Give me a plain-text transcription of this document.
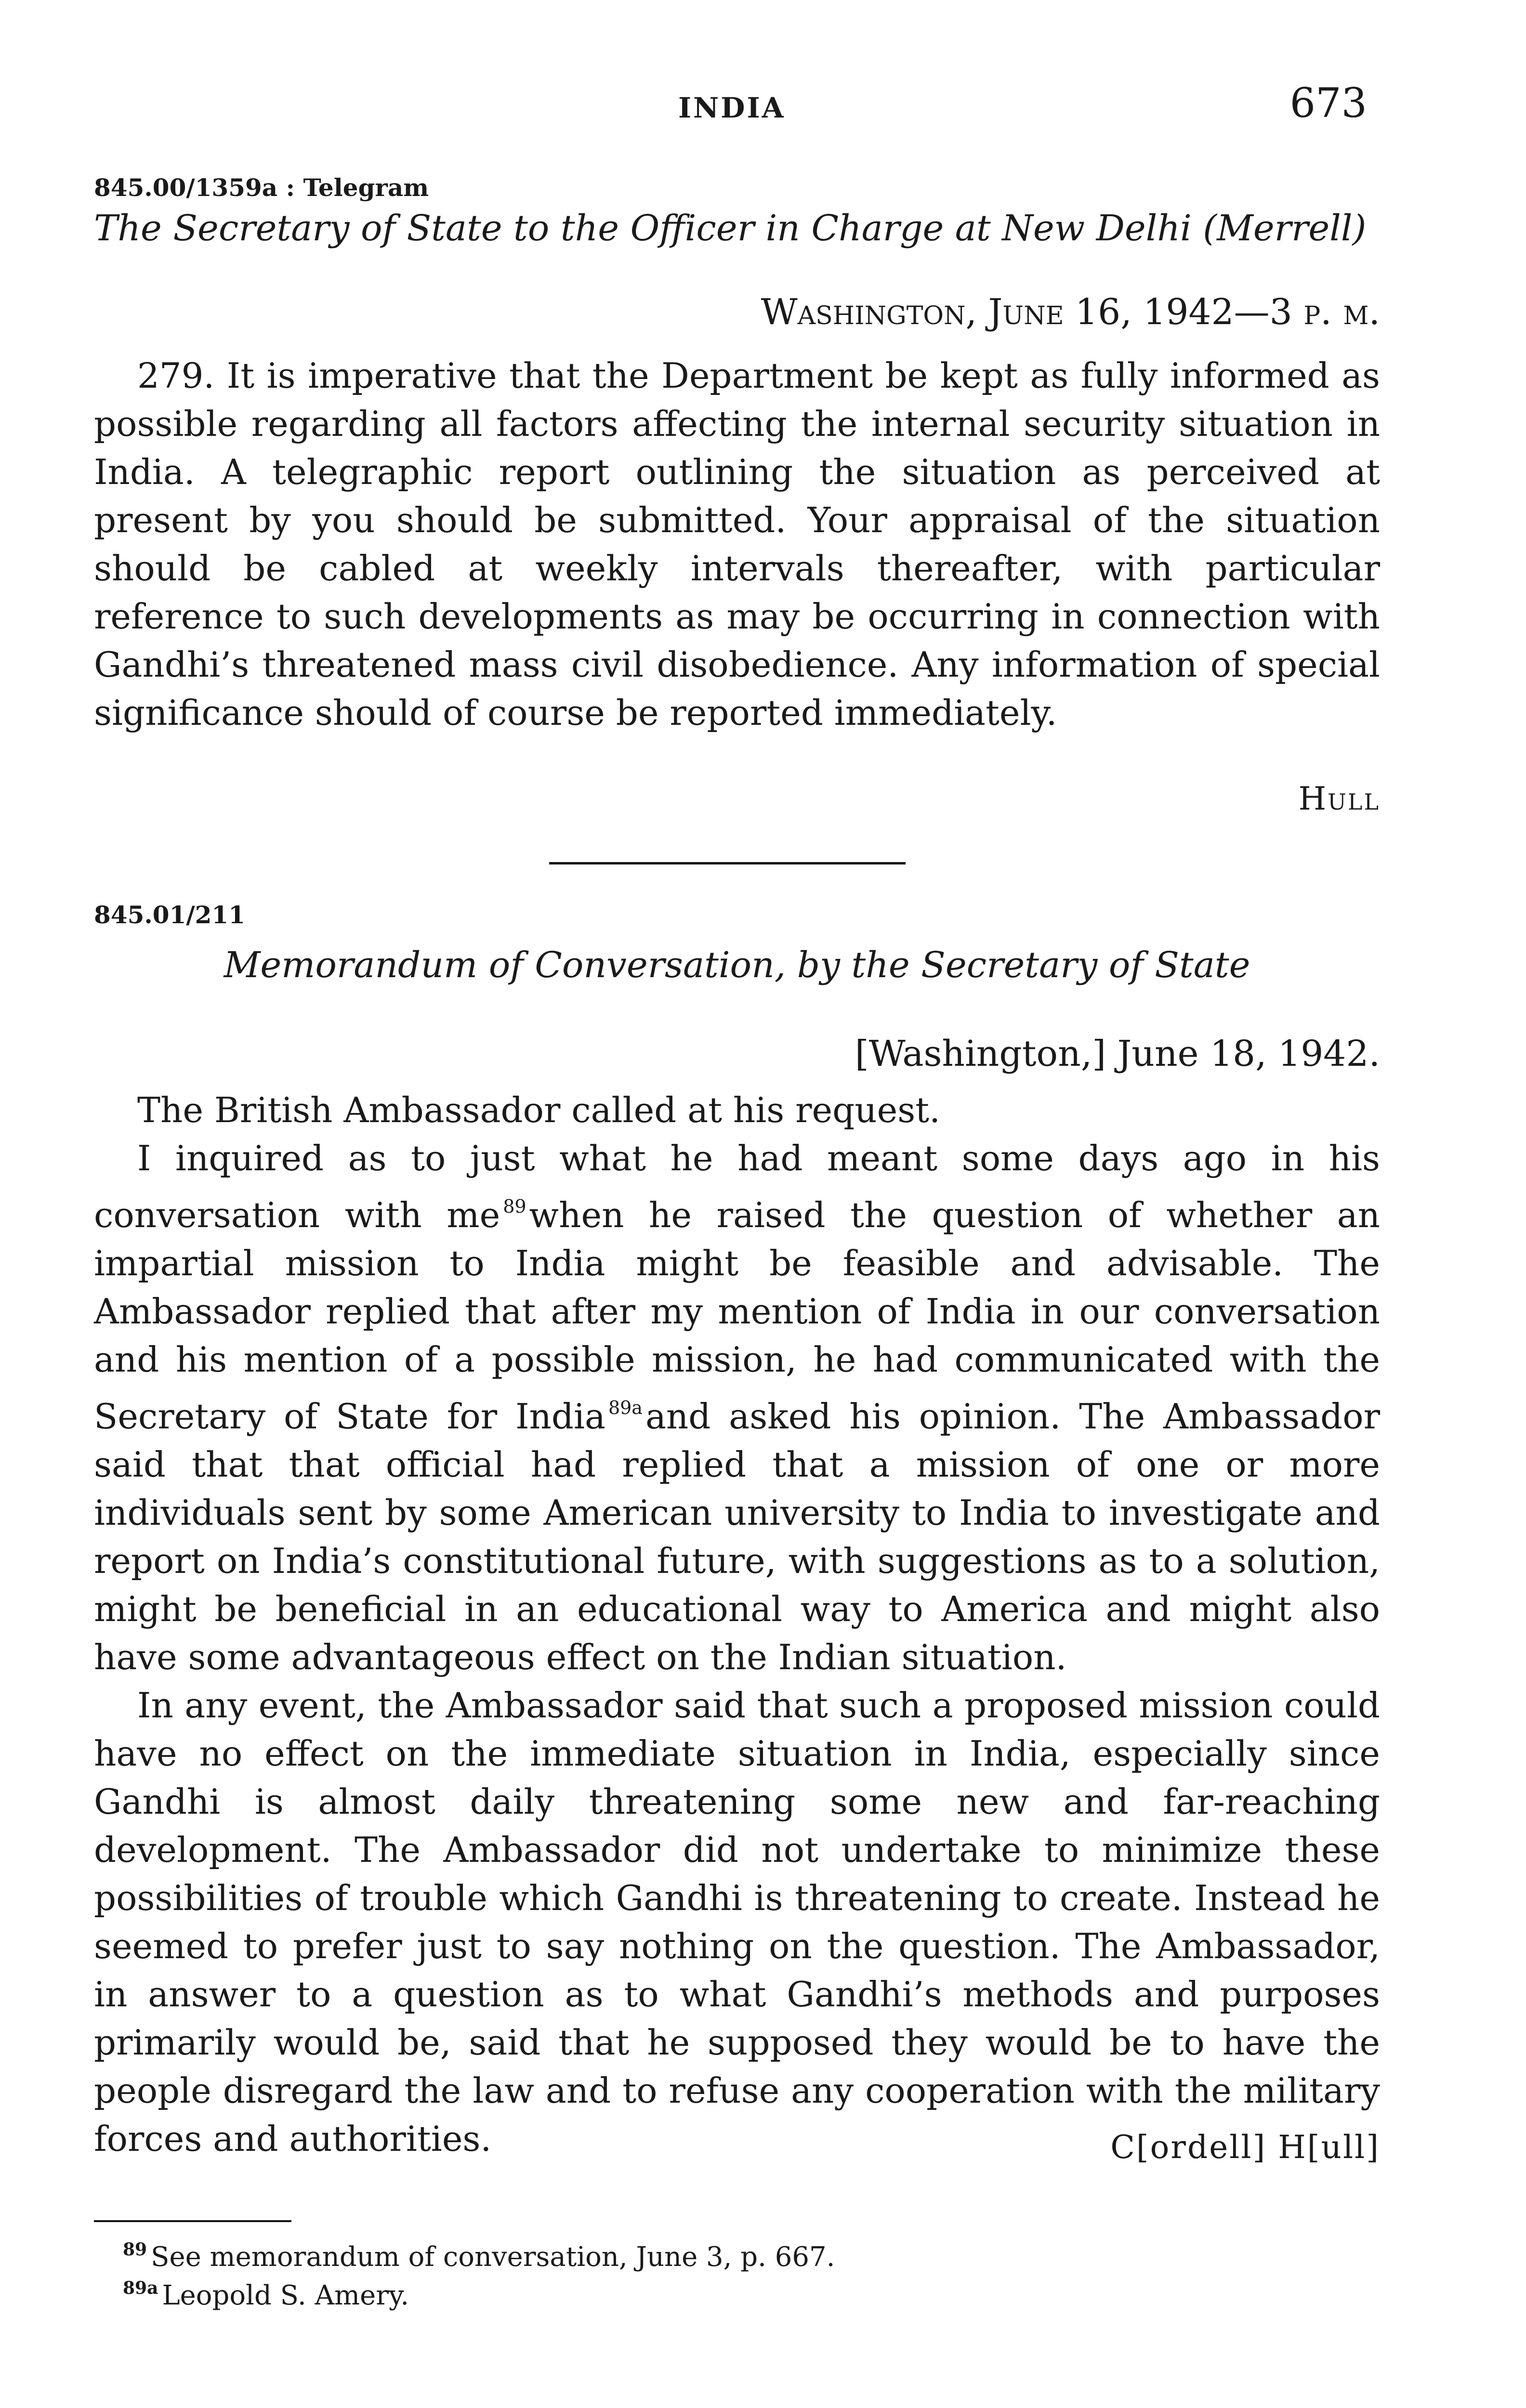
INDIA	673
845.00/1359a : Telegram
The Secretary of State to the Officer in Charge at New Delhi (Merrell)
Washington, June 16, 1942—3 p. m.

279. It is imperative that the Department be kept as fully informed as possible regarding all factors affecting the internal security situation in India. A telegraphic report outlining the situation as perceived at present by you should be submitted. Your appraisal of the situation should be cabled at weekly intervals thereafter, with particular reference to such developments as may be occurring in connection with Gandhi’s threatened mass civil disobedience. Any information of special significance should of course be reported immediately.

Hull
845.01/211
Memorandum of Conversation, by the Secretary of State
[Washington,] June 18, 1942.

The British Ambassador called at his request.

I inquired as to just what he had meant some days ago in his conversation with me $^{89}$when he raised the question of whether an impartial mission to India might be feasible and advisable. The Ambassador replied that after my mention of India in our conversation and his mention of a possible mission, he had communicated with the Secretary of State for India $^{89a}$and asked his opinion. The Ambassador said that that official had replied that a mission of one or more individuals sent by some American university to India to investigate and report on India’s constitutional future, with suggestions as to a solution, might be beneficial in an educational way to America and might also have some advantageous effect on the Indian situation.

In any event, the Ambassador said that such a proposed mission could have no effect on the immediate situation in India, especially since Gandhi is almost daily threatening some new and far-reaching development. The Ambassador did not undertake to minimize these possibilities of trouble which Gandhi is threatening to create. Instead he seemed to prefer just to say nothing on the question. The Ambassador, in answer to a question as to what Gandhi’s methods and purposes primarily would be, said that he supposed they would be to have the people disregard the law and to refuse any cooperation with the military forces and authorities.	C[ordell] H[ull]
$^{89}$ See memorandum of conversation, June 3, p. 667.
$^{89a}$ Leopold S. Amery.
